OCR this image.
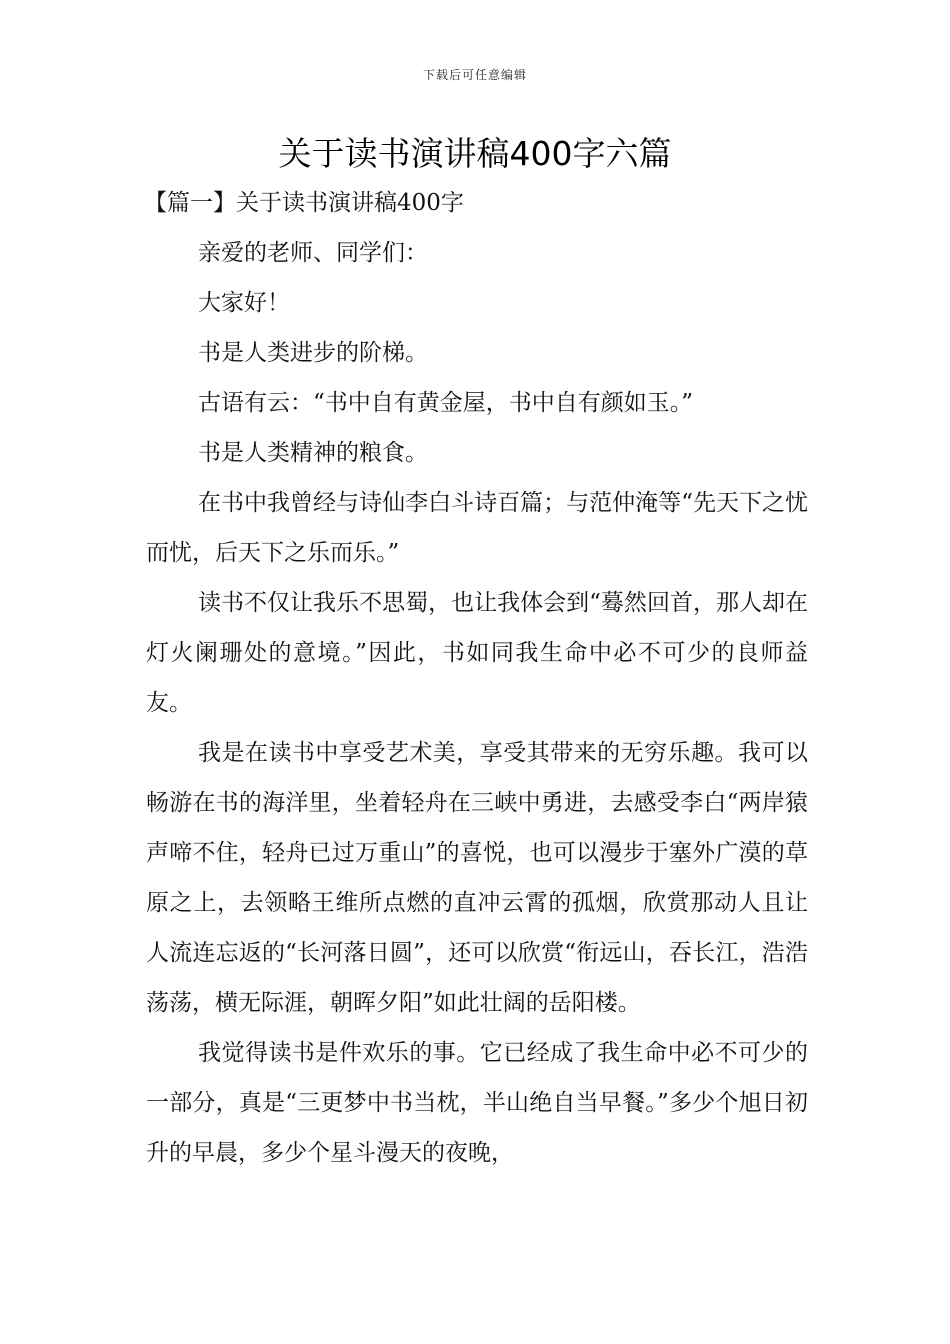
下载后可任意编辑
关于读书演讲稿400字六篇
【篇一】关于读书演讲稿400字

亲爱的老师、同学们：

大家好！

书是人类进步的阶梯。

古语有云：“书中自有黄金屋，书中自有颜如玉。”

书是人类精神的粮食。

在书中我曾经与诗仙李白斗诗百篇；与范仲淹等“先天下之忧而忧，后天下之乐而乐。”

读书不仅让我乐不思蜀，也让我体会到“蓦然回首，那人却在灯火阑珊处的意境。”因此，书如同我生命中必不可少的良师益友。

我是在读书中享受艺术美，享受其带来的无穷乐趣。我可以畅游在书的海洋里，坐着轻舟在三峡中勇进，去感受李白“两岸猿声啼不住，轻舟已过万重山”的喜悦，也可以漫步于塞外广漠的草原之上，去领略王维所点燃的直冲云霄的孤烟，欣赏那动人且让人流连忘返的“长河落日圆”，还可以欣赏“衔远山，吞长江，浩浩荡荡，横无际涯，朝晖夕阳”如此壮阔的岳阳楼。

我觉得读书是件欢乐的事。它已经成了我生命中必不可少的一部分，真是“三更梦中书当枕，半山绝自当早餐。”多少个旭日初升的早晨，多少个星斗漫天的夜晚，
